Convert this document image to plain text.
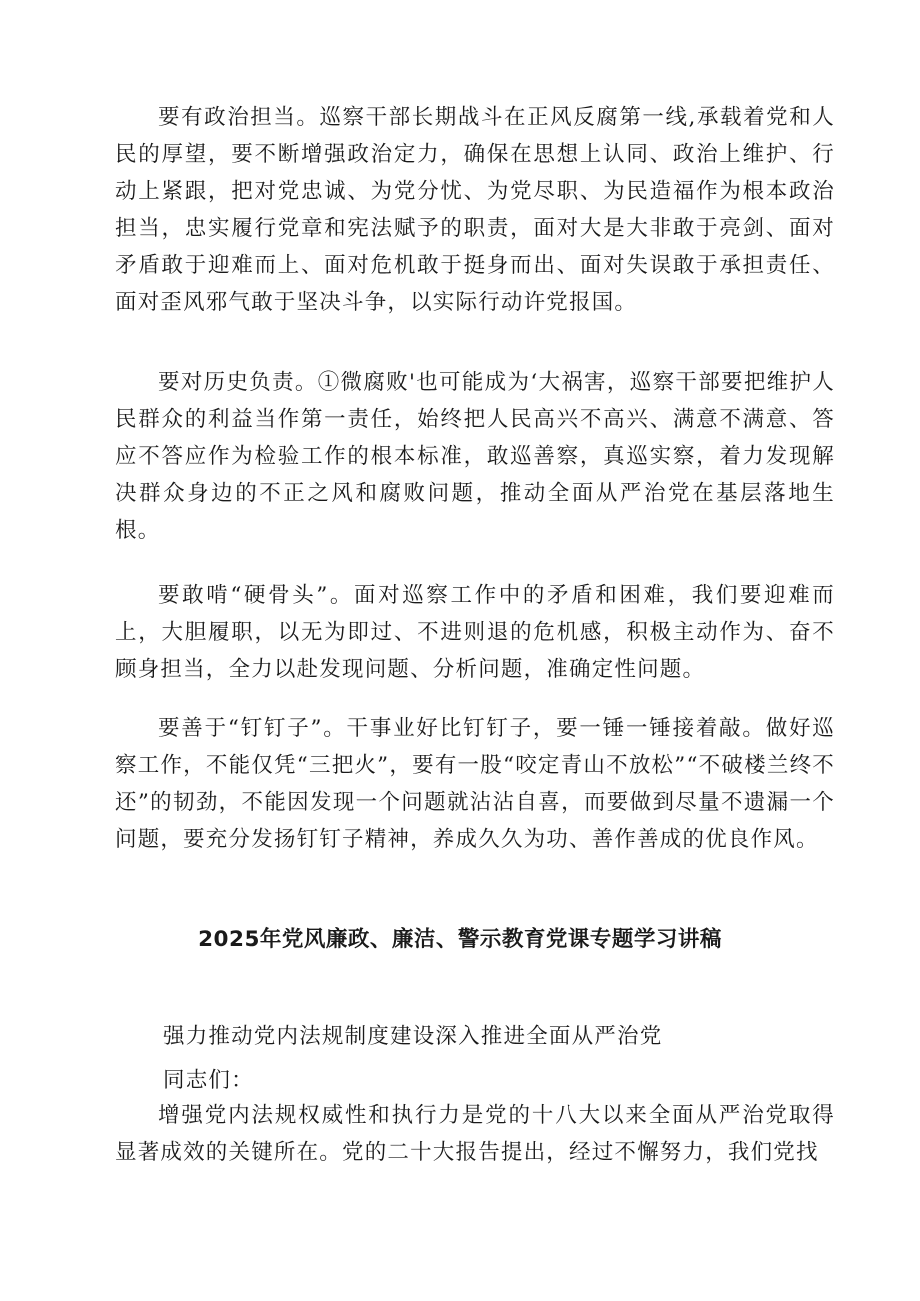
要有政治担当。巡察干部长期战斗在正风反腐第一线,承载着党和人民的厚望，要不断增强政治定力，确保在思想上认同、政治上维护、行动上紧跟，把对党忠诚、为党分忧、为党尽职、为民造福作为根本政治担当，忠实履行党章和宪法赋予的职责，面对大是大非敢于亮剑、面对矛盾敢于迎难而上、面对危机敢于挺身而出、面对失误敢于承担责任、面对歪风邪气敢于坚决斗争，以实际行动许党报国。

要对历史负责。①微腐败'也可能成为‘大祸害，巡察干部要把维护人民群众的利益当作第一责任，始终把人民高兴不高兴、满意不满意、答应不答应作为检验工作的根本标准，敢巡善察，真巡实察，着力发现解决群众身边的不正之风和腐败问题，推动全面从严治党在基层落地生根。

要敢啃“硬骨头”。面对巡察工作中的矛盾和困难，我们要迎难而上，大胆履职，以无为即过、不进则退的危机感，积极主动作为、奋不顾身担当，全力以赴发现问题、分析问题，准确定性问题。

要善于“钉钉子”。干事业好比钉钉子，要一锤一锤接着敲。做好巡察工作，不能仅凭“三把火”，要有一股“咬定青山不放松”“不破楼兰终不还”的韧劲，不能因发现一个问题就沾沾自喜，而要做到尽量不遗漏一个问题，要充分发扬钉钉子精神，养成久久为功、善作善成的优良作风。

2025年党风廉政、廉洁、警示教育党课专题学习讲稿

强力推动党内法规制度建设深入推进全面从严治党

同志们：

增强党内法规权威性和执行力是党的十八大以来全面从严治党取得显著成效的关键所在。党的二十大报告提出，经过不懈努力，我们党找
